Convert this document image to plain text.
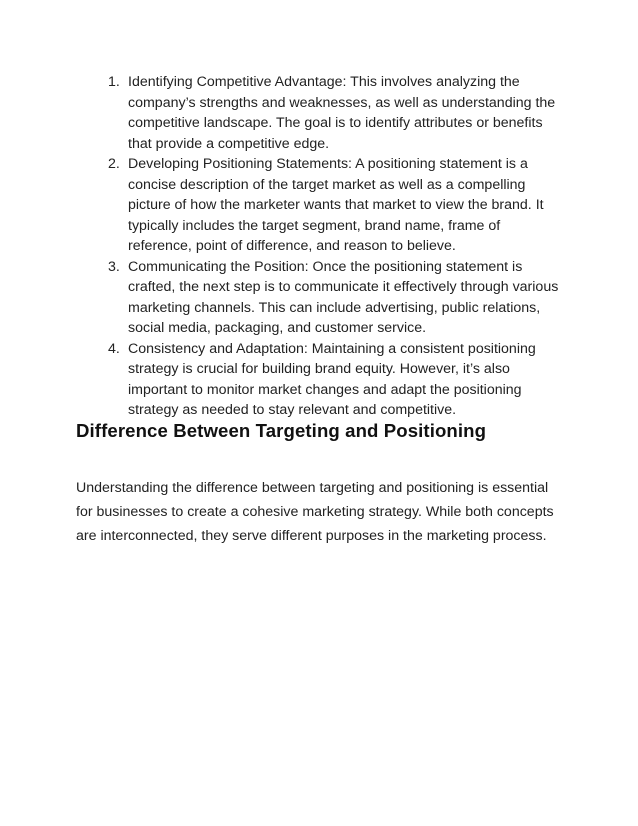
1. Identifying Competitive Advantage: This involves analyzing the company’s strengths and weaknesses, as well as understanding the competitive landscape. The goal is to identify attributes or benefits that provide a competitive edge.
2. Developing Positioning Statements: A positioning statement is a concise description of the target market as well as a compelling picture of how the marketer wants that market to view the brand. It typically includes the target segment, brand name, frame of reference, point of difference, and reason to believe.
3. Communicating the Position: Once the positioning statement is crafted, the next step is to communicate it effectively through various marketing channels. This can include advertising, public relations, social media, packaging, and customer service.
4. Consistency and Adaptation: Maintaining a consistent positioning strategy is crucial for building brand equity. However, it’s also important to monitor market changes and adapt the positioning strategy as needed to stay relevant and competitive.
Difference Between Targeting and Positioning

Understanding the difference between targeting and positioning is essential for businesses to create a cohesive marketing strategy. While both concepts are interconnected, they serve different purposes in the marketing process.
